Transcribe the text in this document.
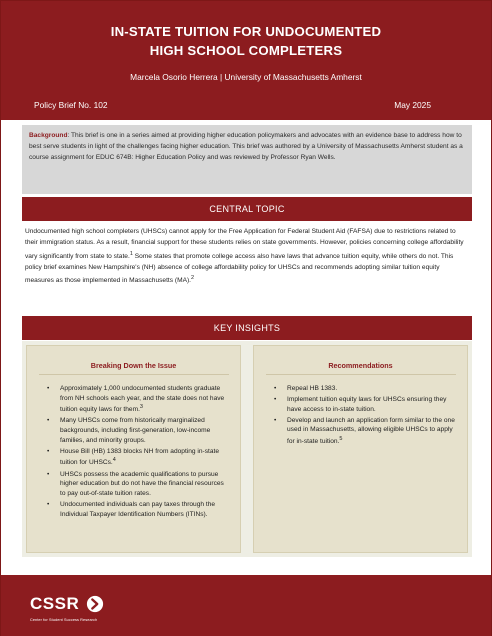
IN-STATE TUITION FOR UNDOCUMENTED
HIGH SCHOOL COMPLETERS
Marcela Osorio Herrera | University of Massachusetts Amherst
Policy Brief No. 102	May 2025
Background: This brief is one in a series aimed at providing higher education policymakers and advocates with an evidence base to address how to best serve students in light of the challenges facing higher education. This brief was authored by a University of Massachusetts Amherst student as a course assignment for EDUC 674B: Higher Education Policy and was reviewed by Professor Ryan Wells.
CENTRAL TOPIC
Undocumented high school completers (UHSCs) cannot apply for the Free Application for Federal Student Aid (FAFSA) due to restrictions related to their immigration status. As a result, financial support for these students relies on state governments. However, policies concerning college affordability vary significantly from state to state.$^1$ Some states that promote college access also have laws that advance tuition equity, while others do not. This policy brief examines New Hampshire's (NH) absence of college affordability policy for UHSCs and recommends adopting similar tuition equity measures as those implemented in Massachusetts (MA).$^2$
KEY INSIGHTS
Breaking Down the Issue
• Approximately 1,000 undocumented students graduate from NH schools each year, and the state does not have tuition equity laws for them.$^3$
• Many UHSCs come from historically marginalized backgrounds, including first-generation, low-income families, and minority groups.
• House Bill (HB) 1383 blocks NH from adopting in-state tuition for UHSCs.$^4$
• UHSCs possess the academic qualifications to pursue higher education but do not have the financial resources to pay out-of-state tuition rates.
• Undocumented individuals can pay taxes through the Individual Taxpayer Identification Numbers (ITINs).
Recommendations
• Repeal HB 1383.
• Implement tuition equity laws for UHSCs ensuring they have access to in-state tuition.
• Develop and launch an application form similar to the one used in Massachusetts, allowing eligible UHSCs to apply for in-state tuition.$^5$
CSSR
Center for Student Success Research
